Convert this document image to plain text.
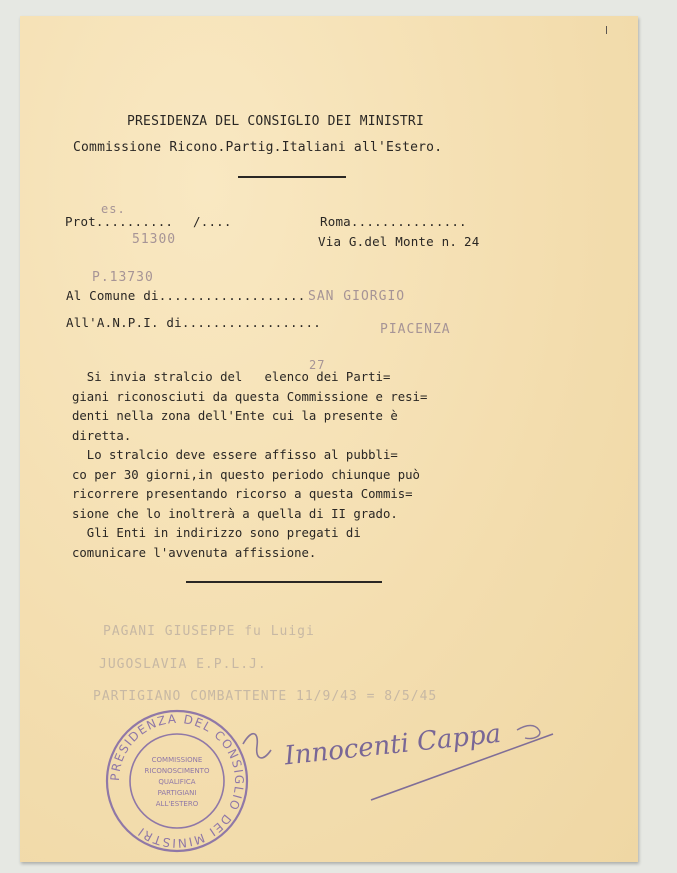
PRESIDENZA DEL CONSIGLIO DEI MINISTRI
Commissione Ricono.Partig.Italiani all'Estero.
Prot.......... /....
es.
51300
P.13730
Roma...............
Via G.del Monte n. 24
Al Comune di................... SAN GIORGIO
All'A.N.P.I. di..................	PIACENZA
27
Si invia stralcio del   elenco dei Parti=
giani riconosciuti da questa Commissione e resi=
denti nella zona dell'Ente cui la presente è
diretta.
Lo stralcio deve essere affisso al pubbli=
co per 30 giorni,in questo periodo chiunque può
ricorrere presentando ricorso a questa Commis=
sione che lo inoltrerà a quella di II grado.
Gli Enti in indirizzo sono pregati di
comunicare l'avvenuta affissione.
PAGANI GIUSEPPE fu Luigi
JUGOSLAVIA E.P.L.J.
PARTIGIANO COMBATTENTE 11/9/43 = 8/5/45
PRESIDENZA DEL CONSIGLIO DEI MINISTRI
COMMISSIONE
RICONOSCIMENTO
QUALIFICA
PARTIGIANI
ALL'ESTERO
Innocenti Cappa
